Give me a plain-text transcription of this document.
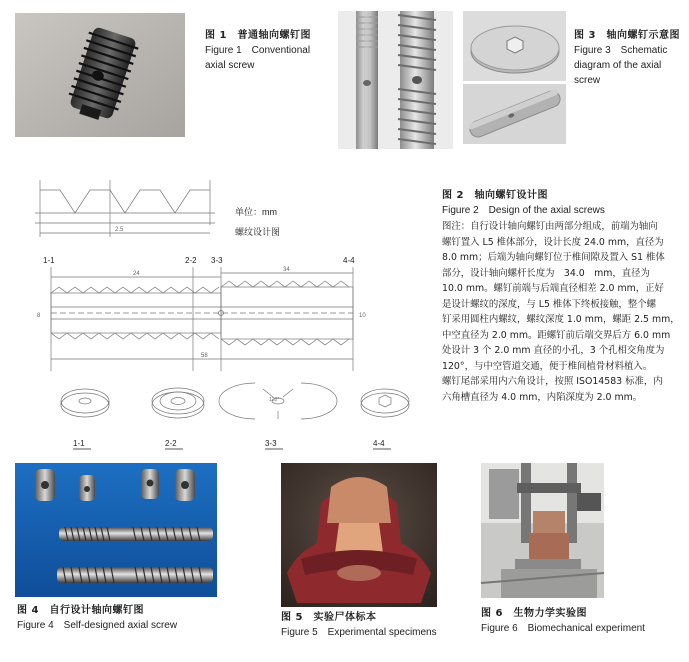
图 1　普通轴向螺钉图
Figure 1　Conventional
axial screw
图 3　轴向螺钉示意图
Figure 3　Schematic
diagram of the axial
screw
2.5
单位：mm
螺纹设计图
1-1	2-2 3-3	4-4
24
34
58
8	10
120°
1-1	2-2	3-3	4-4
图 2　轴向螺钉设计图
Figure 2　Design of the axial screws
图注：自行设计轴向螺钉由两部分组成，前端为轴向
螺钉置入 L5 椎体部分，设计长度 24.0 mm，直径为
8.0 mm；后端为轴向螺钉位于椎间隙及置入 S1 椎体
部分，设计轴向螺杆长度为　34.0　mm，直径为
10.0 mm。螺钉前端与后端直径相差 2.0 mm，正好
是设计螺纹的深度，与 L5 椎体下终板接触，整个螺
钉采用圆柱内螺纹，螺纹深度 1.0 mm，螺距 2.5 mm，
中空直径为 2.0 mm。距螺钉前后端交界后方 6.0 mm
处设计 3 个 2.0 mm 直径的小孔，3 个孔相交角度为
120°，与中空管道交通，便于椎间植骨材料植入。
螺钉尾部采用内六角设计，按照 ISO14583 标准，内
六角槽直径为 4.0 mm，内陷深度为 2.0 mm。
图 4　自行设计轴向螺钉图
Figure 4　Self-designed axial screw
图 5　实验尸体标本
Figure 5　Experimental specimens
图 6　生物力学实验图
Figure 6　Biomechanical experiment
